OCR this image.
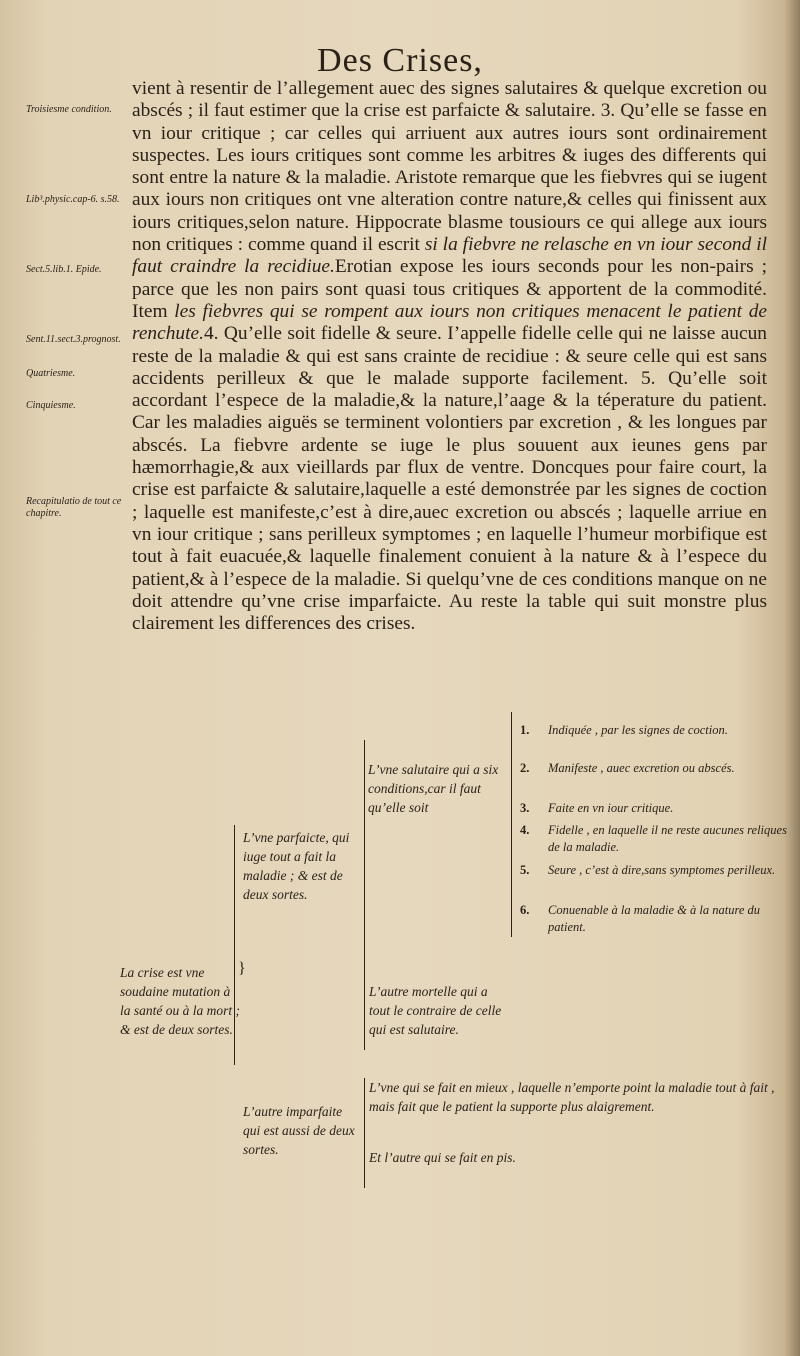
Des Crises,
Troisiesme condition.
Lib³.physic.cap-6. s.58.
Sect.5.lib.1. Epide.
Sent.11.sect.3.prognost.
Quatriesme.
Cinquiesme.
Recapitulatio de tout ce chapitre.

vient à resentir de l’allegement auec des signes salutaires & quelque excretion ou abscés ; il faut estimer que la crise est parfaicte & salutaire. 3. Qu’elle se fasse en vn iour critique ; car celles qui arriuent aux autres iours sont ordinairement suspectes. Les iours critiques sont comme les arbitres & iuges des differents qui sont entre la nature & la maladie. Aristote remarque que les fiebvres qui se iugent aux iours non critiques ont vne alteration contre nature,& celles qui finissent aux iours critiques,selon nature. Hippocrate blasme tousiours ce qui allege aux iours non critiques : comme quand il escrit si la fiebvre ne relasche en vn iour second il faut craindre la recidiue.Erotian expose les iours seconds pour les non-pairs ; parce que les non pairs sont quasi tous critiques & apportent de la commodité. Item les fiebvres qui se rompent aux iours non critiques menacent le patient de renchute.4. Qu’elle soit fidelle & seure. I’appelle fidelle celle qui ne laisse aucun reste de la maladie & qui est sans crainte de recidiue : & seure celle qui est sans accidents perilleux & que le malade supporte facilement. 5. Qu’elle soit accordant l’espece de la maladie,& la nature,l’aage & la téperature du patient. Car les maladies aiguës se terminent volontiers par excretion , & les longues par abscés. La fiebvre ardente se iuge le plus souuent aux ieunes gens par hæmorrhagie,& aux vieillards par flux de ventre. Doncques pour faire court, la crise est parfaicte & salutaire,laquelle a esté demonstrée par les signes de coction ; laquelle est manifeste,c’est à dire,auec excretion ou abscés ; laquelle arriue en vn iour critique ; sans perilleux symptomes ; en laquelle l’humeur morbifique est tout à fait euacuée,& laquelle finalement conuient à la nature & à l’espece du patient,& à l’espece de la maladie. Si quelqu’vne de ces conditions manque on ne doit attendre qu’vne crise imparfaicte. Au reste la table qui suit monstre plus clairement les differences des crises.

La crise est vne soudaine mutation à la santé ou à la mort ; & est de deux sortes.
}
L’vne parfaicte, qui iuge tout a fait la maladie ; & est de deux sortes.
L’vne salutaire qui a six conditions,car il faut qu’elle soit
1. Indiquée , par les signes de coction.
2. Manifeste , auec excretion ou abscés.
3. Faite en vn iour critique.
4. Fidelle , en laquelle il ne reste aucunes reliques de la maladie.
5. Seure , c’est à dire,sans symptomes perilleux.
6. Conuenable à la maladie & à la nature du patient.
L’autre mortelle qui a tout le contraire de celle qui est salutaire.
L’autre imparfaite qui est aussi de deux sortes.
L’vne qui se fait en mieux , laquelle n’emporte point la maladie tout à fait , mais fait que le patient la supporte plus alaigrement.
Et l’autre qui se fait en pis.
